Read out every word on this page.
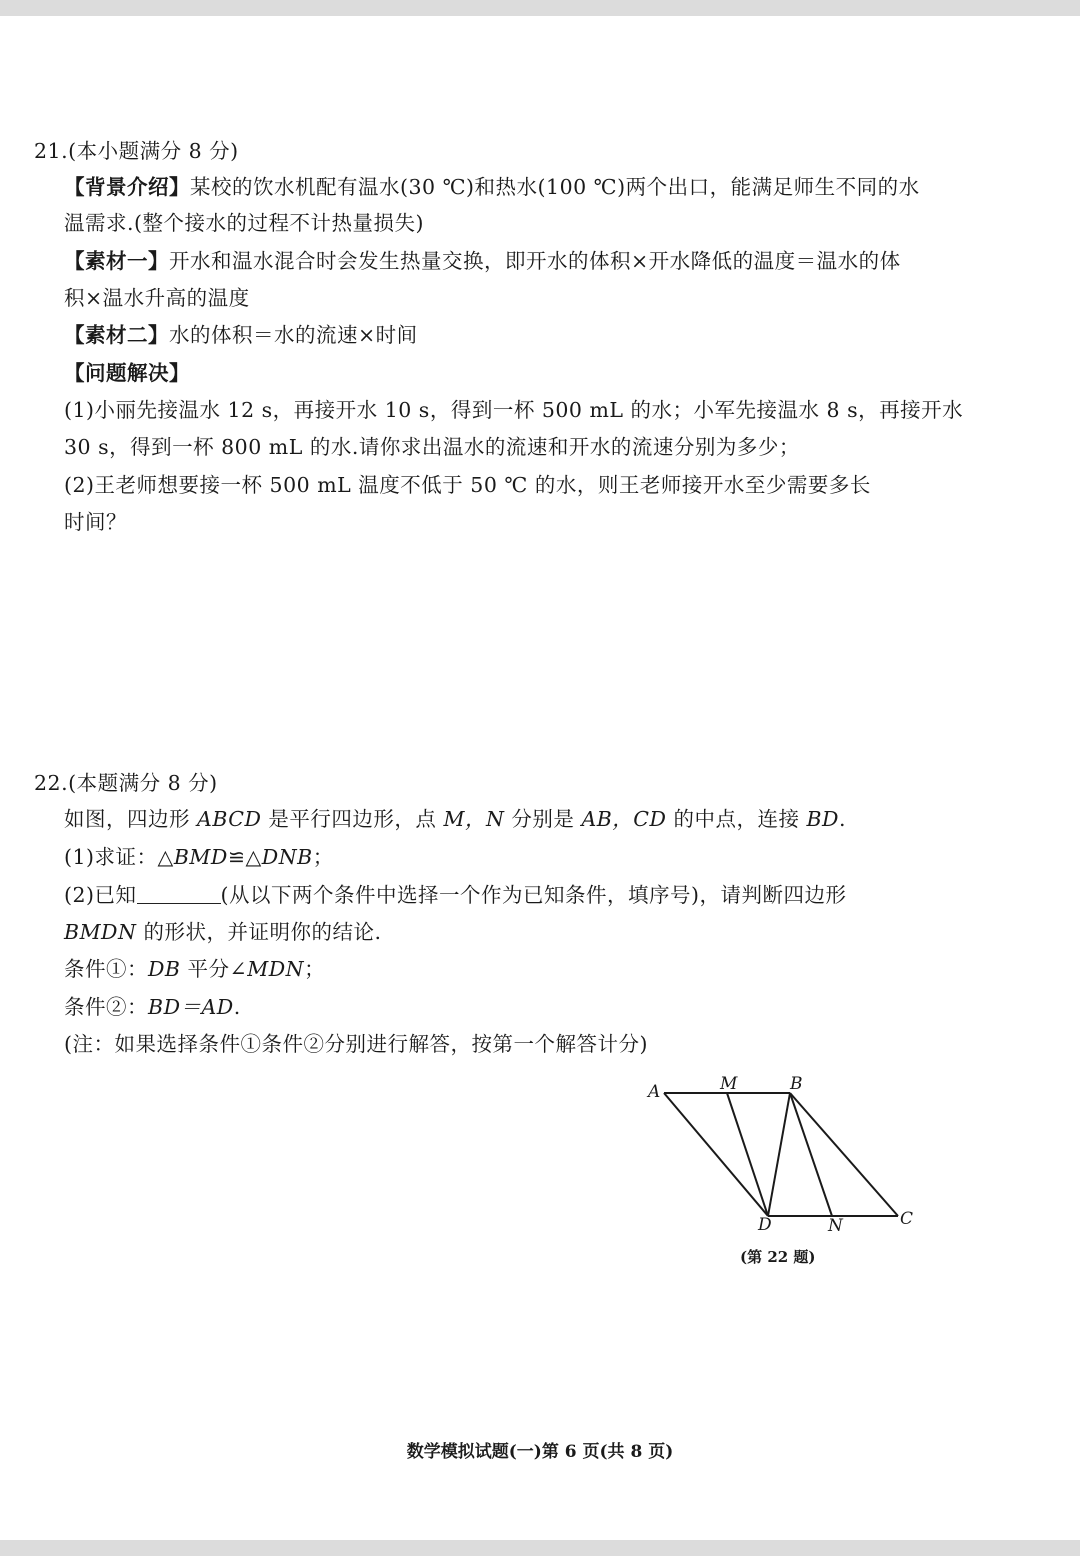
21.(本小题满分 8 分)
【背景介绍】某校的饮水机配有温水(30 ℃)和热水(100 ℃)两个出口，能满足师生不同的水
温需求.(整个接水的过程不计热量损失)
【素材一】开水和温水混合时会发生热量交换，即开水的体积×开水降低的温度＝温水的体
积×温水升高的温度
【素材二】水的体积＝水的流速×时间
【问题解决】
(1)小丽先接温水 12 s，再接开水 10 s，得到一杯 500 mL 的水；小军先接温水 8 s，再接开水
30 s，得到一杯 800 mL 的水.请你求出温水的流速和开水的流速分别为多少；
(2)王老师想要接一杯 500 mL 温度不低于 50 ℃ 的水，则王老师接开水至少需要多长
时间？
22.(本题满分 8 分)
如图，四边形 ABCD 是平行四边形，点 M，N 分别是 AB，CD 的中点，连接 BD.
(1)求证：△BMD≌△DNB；
(2)已知	(从以下两个条件中选择一个作为已知条件，填序号)，请判断四边形
BMDN 的形状，并证明你的结论.
条件①：DB 平分∠MDN；
条件②：BD＝AD.
(注：如果选择条件①条件②分别进行解答，按第一个解答计分)
A	M	B
D	N	C
(第 22 题)
数学模拟试题(一)第 6 页(共 8 页)
